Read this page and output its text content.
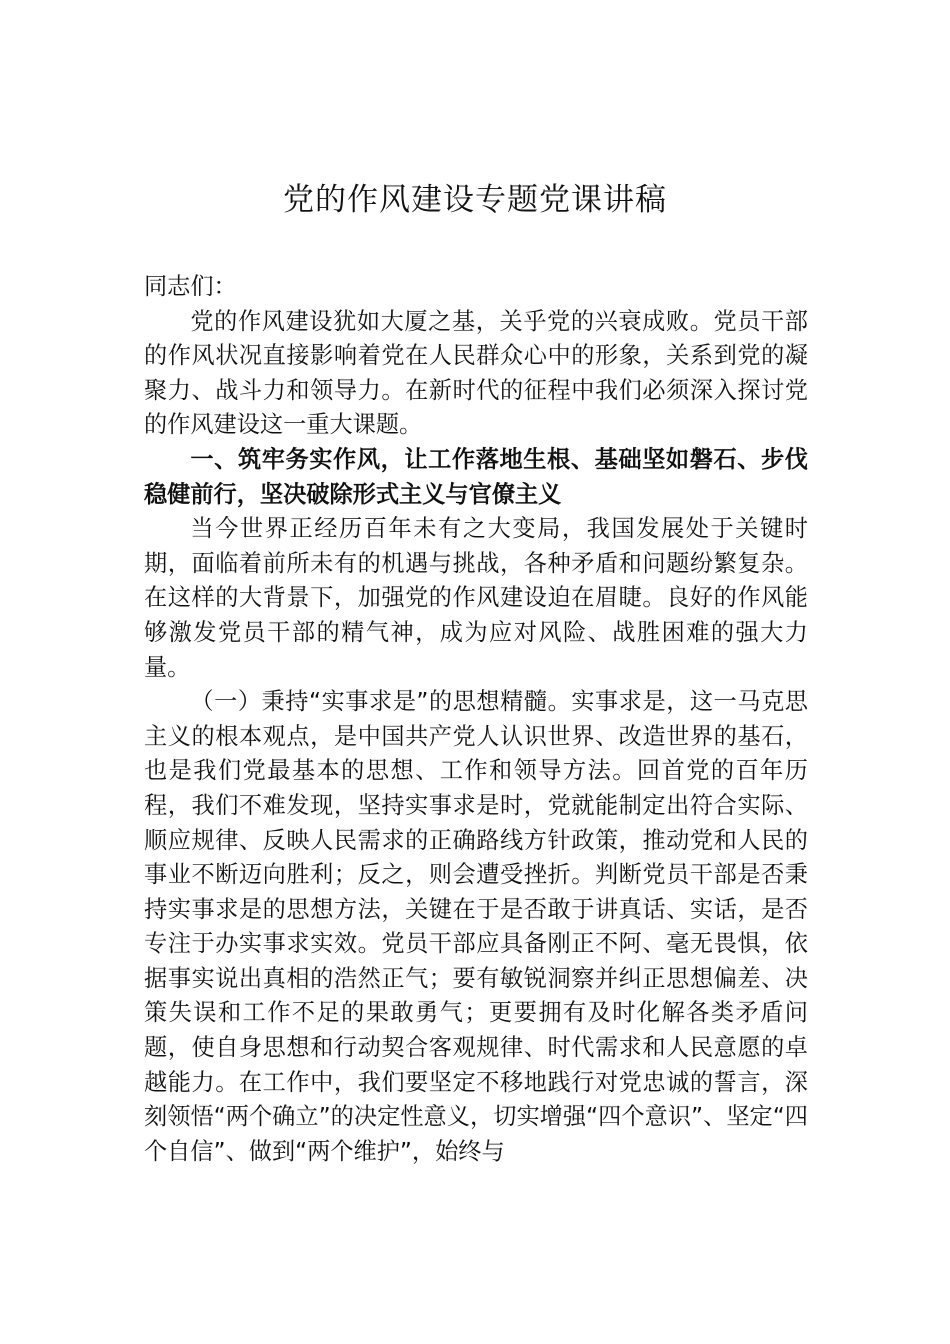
党的作风建设专题党课讲稿

同志们：

党的作风建设犹如大厦之基，关乎党的兴衰成败。党员干部的作风状况直接影响着党在人民群众心中的形象，关系到党的凝聚力、战斗力和领导力。在新时代的征程中我们必须深入探讨党的作风建设这一重大课题。

一、筑牢务实作风，让工作落地生根、基础坚如磐石、步伐稳健前行，坚决破除形式主义与官僚主义

当今世界正经历百年未有之大变局，我国发展处于关键时期，面临着前所未有的机遇与挑战，各种矛盾和问题纷繁复杂。在这样的大背景下，加强党的作风建设迫在眉睫。良好的作风能够激发党员干部的精气神，成为应对风险、战胜困难的强大力量。

（一）秉持“实事求是”的思想精髓。实事求是，这一马克思主义的根本观点，是中国共产党人认识世界、改造世界的基石，也是我们党最基本的思想、工作和领导方法。回首党的百年历程，我们不难发现，坚持实事求是时，党就能制定出符合实际、顺应规律、反映人民需求的正确路线方针政策，推动党和人民的事业不断迈向胜利；反之，则会遭受挫折。判断党员干部是否秉持实事求是的思想方法，关键在于是否敢于讲真话、实话，是否专注于办实事求实效。党员干部应具备刚正不阿、毫无畏惧，依据事实说出真相的浩然正气；要有敏锐洞察并纠正思想偏差、决策失误和工作不足的果敢勇气；更要拥有及时化解各类矛盾问题，使自身思想和行动契合客观规律、时代需求和人民意愿的卓越能力。在工作中，我们要坚定不移地践行对党忠诚的誓言，深刻领悟“两个确立”的决定性意义，切实增强“四个意识”、坚定“四个自信”、做到“两个维护”，始终与
